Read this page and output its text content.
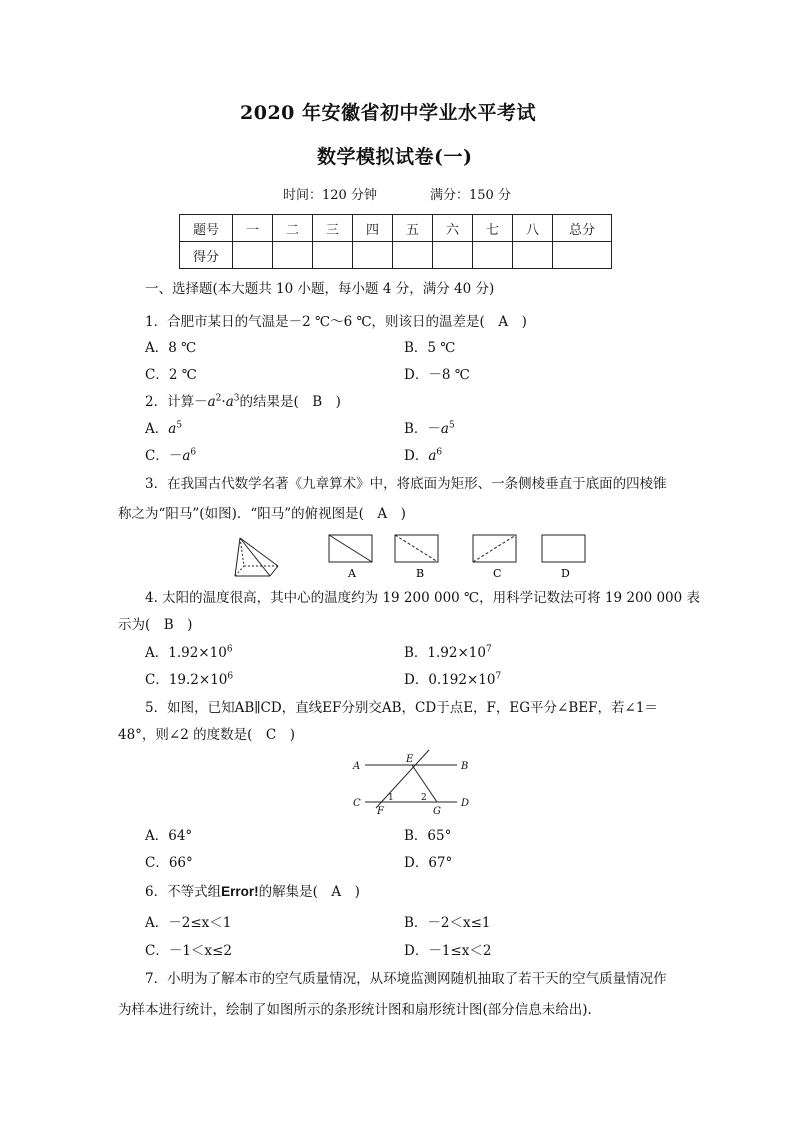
2020 年安徽省初中学业水平考试
数学模拟试卷(一)
时间：120 分钟	满分：150 分
题号	一	二	三	四	五	六	七	八	总分
得分									
一、选择题(本大题共 10 小题，每小题 4 分，满分 40 分)
1．合肥市某日的气温是－2 ℃～6 ℃，则该日的温差是(　A　)
A．8 ℃	B．5 ℃
C．2 ℃	D．－8 ℃
2．计算$-a^2\cdot a^3$的结果是(　B　)
A．$a^5$	B．$-a^5$
C．$-a^6$	D．$a^6$
3．在我国古代数学名著《九章算术》中，将底面为矩形、一条侧棱垂直于底面的四棱锥
称之为“阳马”(如图)．“阳马”的俯视图是(　A　)
A	B	C	D
4. 太阳的温度很高，其中心的温度约为 19 200 000 ℃，用科学记数法可将 19 200 000 表
示为(　B　)
A．$1.92\times 10^6$	B．$1.92\times 10^7$
C．$19.2\times 10^6$	D．$0.192\times 10^7$
5．如图，已知AB∥CD，直线EF分别交AB，CD于点E，F，EG平分∠BEF，若∠1＝
48°，则∠2 的度数是(　C　)
A	B
E
C	D
F	G
1	2
A．64°	B．65°
C．66°	D．67°
6．不等式组Error!的解集是(　A　)
A．－2≤x＜1	B．－2＜x≤1
C．－1＜x≤2	D．－1≤x＜2
7．小明为了解本市的空气质量情况，从环境监测网随机抽取了若干天的空气质量情况作
为样本进行统计，绘制了如图所示的条形统计图和扇形统计图(部分信息未给出)．
